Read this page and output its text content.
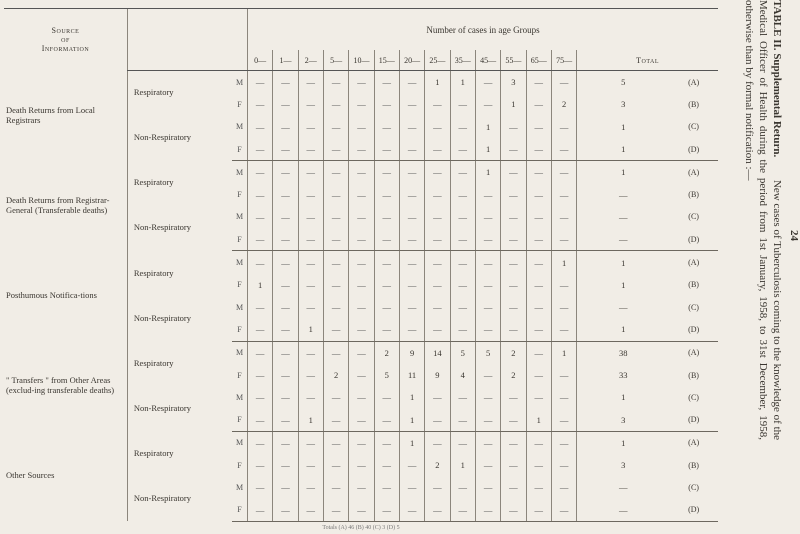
Source
of
Information			Number of cases in age Groups														
			0—	1—	2—	5—	10—	15—	20—	25—	35—	45—	55—	65—	75—	Total	
Death Returns from Local Registrars	Respiratory	M	—	—	—	—	—	—	—	1	1	—	3	—	—	5	(A)
		F	—	—	—	—	—	—	—	—	—	—	1	—	2	3	(B)
	Non-Respiratory	M	—	—	—	—	—	—	—	—	—	1	—	—	—	1	(C)
		F	—	—	—	—	—	—	—	—	—	1	—	—	—	1	(D)
Death Returns from Registrar-General (Transferable deaths)	Respiratory	M	—	—	—	—	—	—	—	—	—	1	—	—	—	1	(A)
		F	—	—	—	—	—	—	—	—	—	—	—	—	—	—	(B)
	Non-Respiratory	M	—	—	—	—	—	—	—	—	—	—	—	—	—	—	(C)
		F	—	—	—	—	—	—	—	—	—	—	—	—	—	—	(D)
Posthumous Notifica-tions	Respiratory	M	—	—	—	—	—	—	—	—	—	—	—	—	1	1	(A)
		F	1	—	—	—	—	—	—	—	—	—	—	—	—	1	(B)
	Non-Respiratory	M	—	—	—	—	—	—	—	—	—	—	—	—	—	—	(C)
		F	—	—	1	—	—	—	—	—	—	—	—	—	—	1	(D)
" Transfers " from Other Areas (exclud-ing transferable deaths)	Respiratory	M	—	—	—	—	—	2	9	14	5	5	2	—	1	38	(A)
		F	—	—	—	2	—	5	11	9	4	—	2	—	—	33	(B)
	Non-Respiratory	M	—	—	—	—	—	—	1	—	—	—	—	—	—	1	(C)
		F	—	—	1	—	—	—	1	—	—	—	—	1	—	3	(D)
Other Sources	Respiratory	M	—	—	—	—	—	—	1	—	—	—	—	—	—	1	(A)
		F	—	—	—	—	—	—	—	2	1	—	—	—	—	3	(B)
	Non-Respiratory	M	—	—	—	—	—	—	—	—	—	—	—	—	—	—	(C)
		F	—	—	—	—	—	—	—	—	—	—	—	—	—	—	(D)
Totals (A) 46 (B) 40 (C) 3 (D) 5																	
24
TABLE II. Supplemental Return. New cases of Tuberculosis coming to the knowledge of the Medical Officer of Health during the period from 1st January, 1958, to 31st December, 1958, otherwise than by formal notification :—
